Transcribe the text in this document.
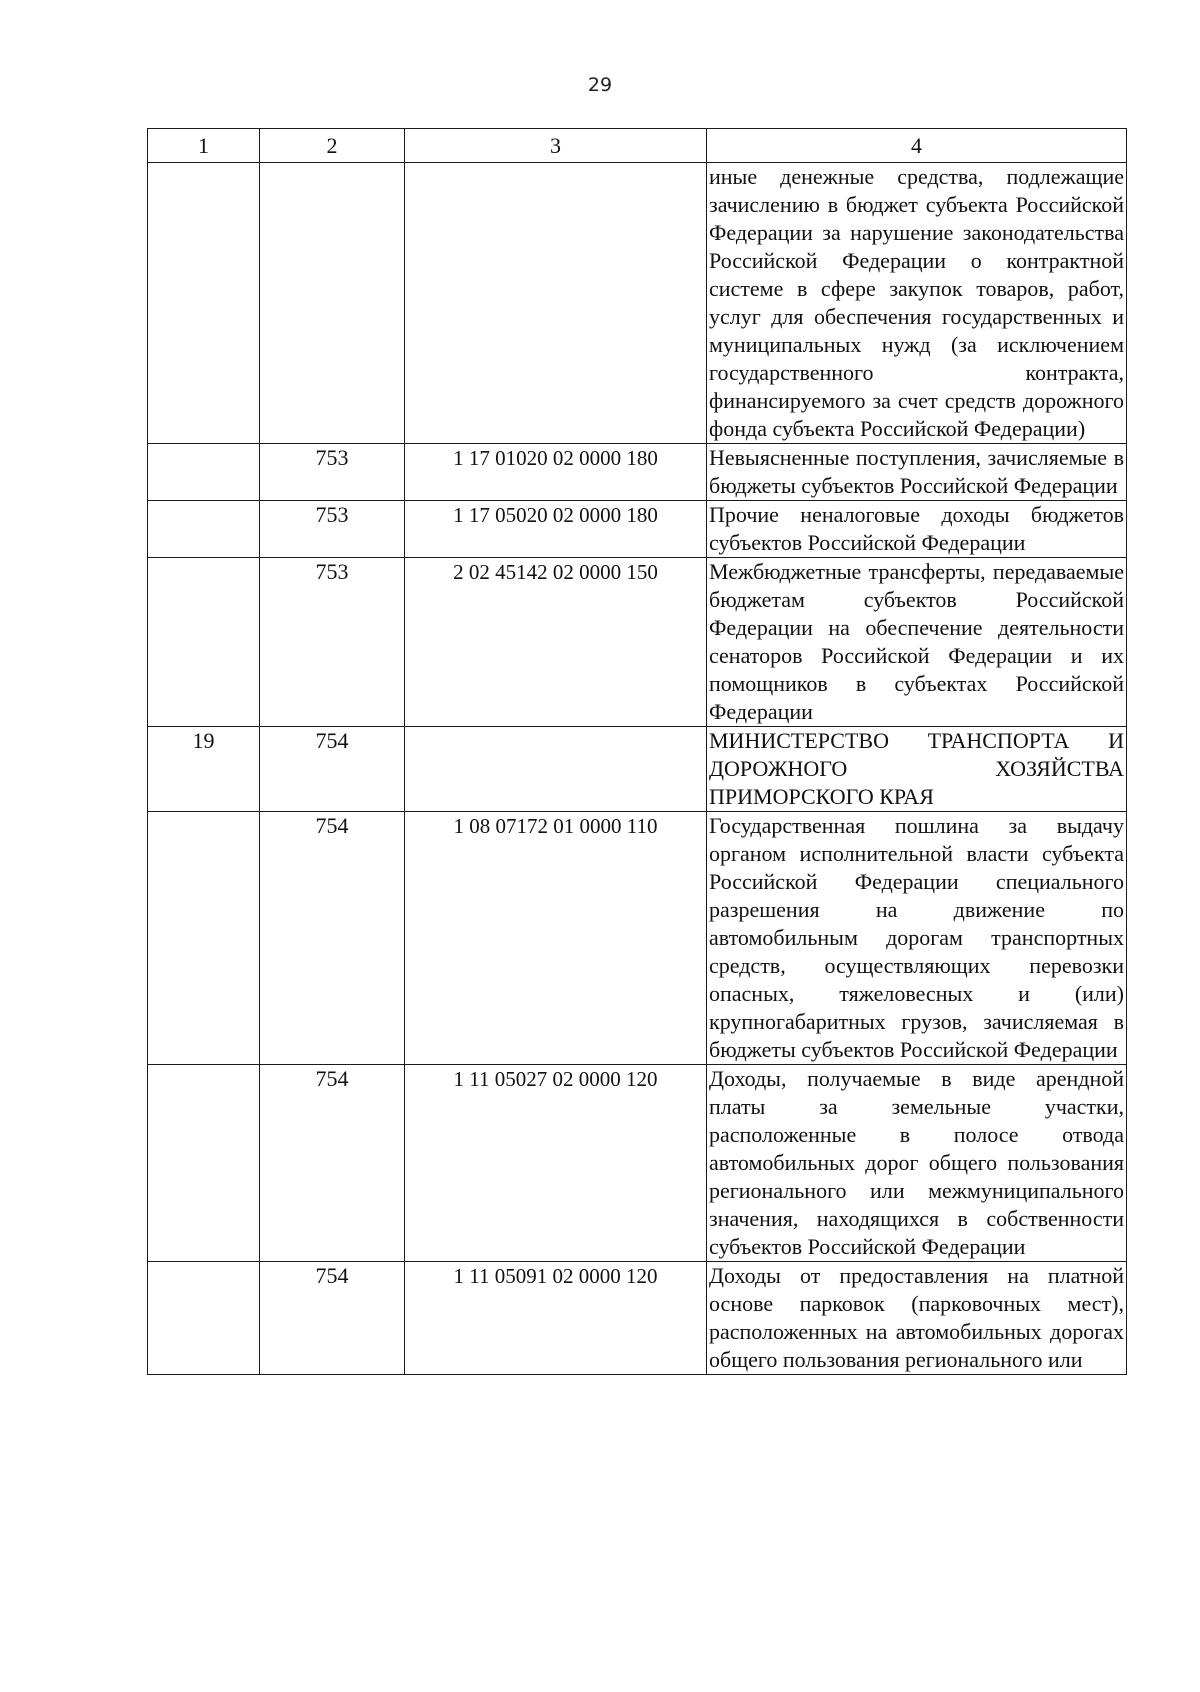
29
1	2	3	4
			иные денежные средства, подлежащие зачислению в бюджет субъекта Российской Федерации за нарушение законодательства Российской Федерации о контрактной системе в сфере закупок товаров, работ, услуг для обеспечения государственных и муниципальных нужд (за исключением государственного контракта, финансируемого за счет средств дорожного фонда субъекта Российской Федерации)
	753	1 17 01020 02 0000 180	Невыясненные поступления, зачисляемые в бюджеты субъектов Российской Федерации
	753	1 17 05020 02 0000 180	Прочие неналоговые доходы бюджетов субъектов Российской Федерации
	753	2 02 45142 02 0000 150	Межбюджетные трансферты, передаваемые бюджетам субъектов Российской Федерации на обеспечение деятельности сенаторов Российской Федерации и их помощников в субъектах Российской Федерации
19	754		МИНИСТЕРСТВО ТРАНСПОРТА И ДОРОЖНОГО ХОЗЯЙСТВА ПРИМОРСКОГО КРАЯ
	754	1 08 07172 01 0000 110	Государственная пошлина за выдачу органом исполнительной власти субъекта Российской Федерации специального разрешения на движение по автомобильным дорогам транспортных средств, осуществляющих перевозки опасных, тяжеловесных и (или) крупногабаритных грузов, зачисляемая в бюджеты субъектов Российской Федерации
	754	1 11 05027 02 0000 120	Доходы, получаемые в виде арендной платы за земельные участки, расположенные в полосе отвода автомобильных дорог общего пользования регионального или межмуниципального значения, находящихся в собственности субъектов Российской Федерации
	754	1 11 05091 02 0000 120	Доходы от предоставления на платной основе парковок (парковочных мест), расположенных на автомобильных дорогах общего пользования регионального или
